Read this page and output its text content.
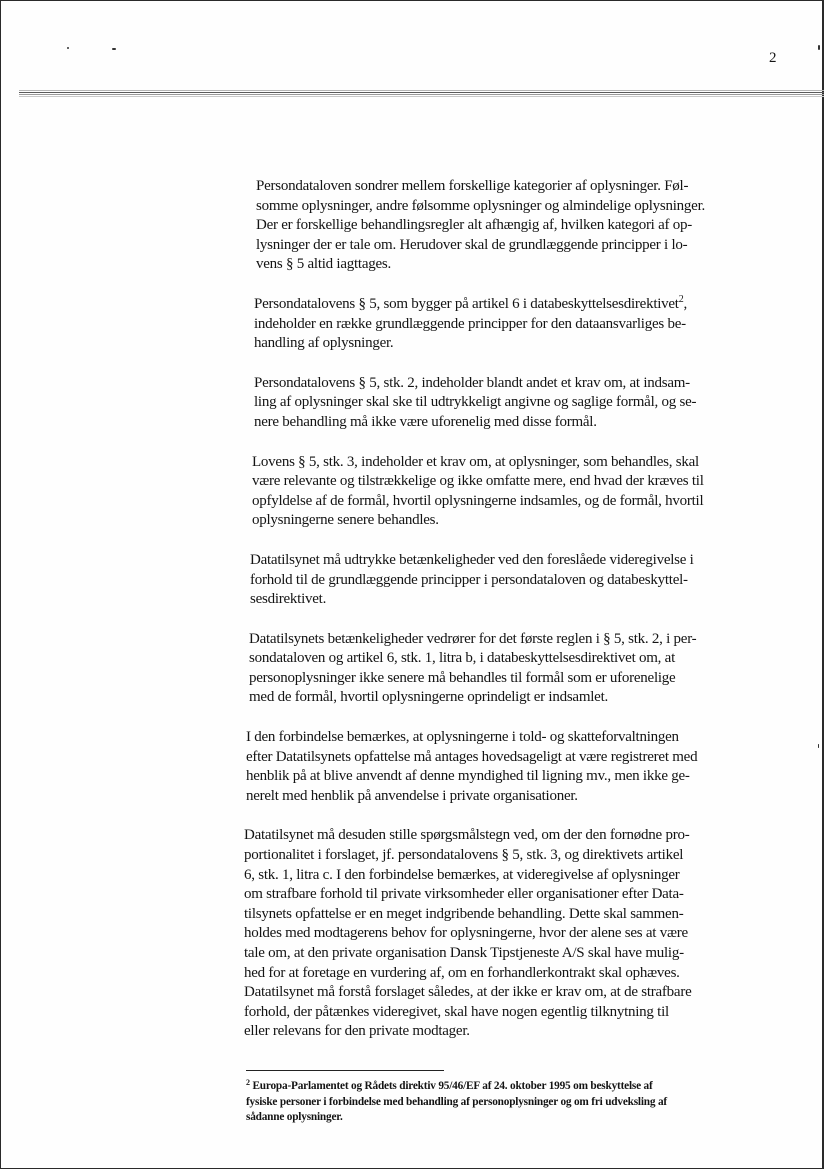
2

Persondataloven sondrer mellem forskellige kategorier af oplysninger. Føl-
somme oplysninger, andre følsomme oplysninger og almindelige oplysninger.
Der er forskellige behandlingsregler alt afhængig af, hvilken kategori af op-
lysninger der er tale om. Herudover skal de grundlæggende principper i lo-
vens § 5 altid iagttages.

Persondatalovens § 5, som bygger på artikel 6 i databeskyttelsesdirektivet$^2$,
indeholder en række grundlæggende principper for den dataansvarliges be-
handling af oplysninger.

Persondatalovens § 5, stk. 2, indeholder blandt andet et krav om, at indsam-
ling af oplysninger skal ske til udtrykkeligt angivne og saglige formål, og se-
nere behandling må ikke være uforenelig med disse formål.

Lovens § 5, stk. 3, indeholder et krav om, at oplysninger, som behandles, skal
være relevante og tilstrækkelige og ikke omfatte mere, end hvad der kræves til
opfyldelse af de formål, hvortil oplysningerne indsamles, og de formål, hvortil
oplysningerne senere behandles.

Datatilsynet må udtrykke betænkeligheder ved den foreslåede videregivelse i
forhold til de grundlæggende principper i persondataloven og databeskyttel-
sesdirektivet.

Datatilsynets betænkeligheder vedrører for det første reglen i § 5, stk. 2, i per-
sondataloven og artikel 6, stk. 1, litra b, i databeskyttelsesdirektivet om, at
personoplysninger ikke senere må behandles til formål som er uforenelige
med de formål, hvortil oplysningerne oprindeligt er indsamlet.

I den forbindelse bemærkes, at oplysningerne i told- og skatteforvaltningen
efter Datatilsynets opfattelse må antages hovedsageligt at være registreret med
henblik på at blive anvendt af denne myndighed til ligning mv., men ikke ge-
nerelt med henblik på anvendelse i private organisationer.

Datatilsynet må desuden stille spørgsmålstegn ved, om der den fornødne pro-
portionalitet i forslaget, jf. persondatalovens § 5, stk. 3, og direktivets artikel
6, stk. 1, litra c. I den forbindelse bemærkes, at videregivelse af oplysninger
om strafbare forhold til private virksomheder eller organisationer efter Data-
tilsynets opfattelse er en meget indgribende behandling. Dette skal sammen-
holdes med modtagerens behov for oplysningerne, hvor der alene ses at være
tale om, at den private organisation Dansk Tipstjeneste A/S skal have mulig-
hed for at foretage en vurdering af, om en forhandlerkontrakt skal ophæves.
Datatilsynet må forstå forslaget således, at der ikke er krav om, at de strafbare
forhold, der påtænkes videregivet, skal have nogen egentlig tilknytning til
eller relevans for den private modtager.

$^2$ Europa-Parlamentet og Rådets direktiv 95/46/EF af 24. oktober 1995 om beskyttelse af
fysiske personer i forbindelse med behandling af personoplysninger og om fri udveksling af
sådanne oplysninger.
